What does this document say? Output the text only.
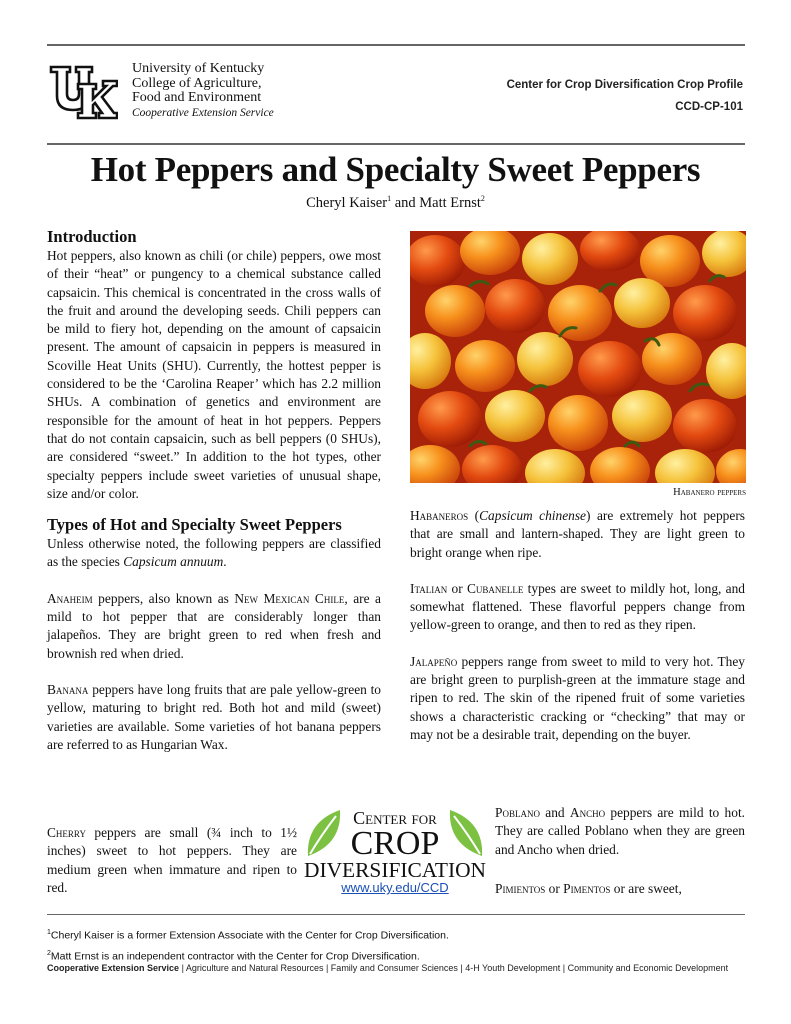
University of Kentucky
College of Agriculture,
Food and Environment
Cooperative Extension Service
Center for Crop Diversification Crop Profile
CCD-CP-101
Hot Peppers and Specialty Sweet Peppers
Cheryl Kaiser$^1$ and Matt Ernst$^2$
Introduction

Hot peppers, also known as chili (or chile) peppers, owe most of their “heat” or pungency to a chemical substance called capsaicin. This chemical is concentrated in the cross walls of the fruit and around the developing seeds. Chili peppers can be mild to fiery hot, depending on the amount of capsaicin present. The amount of capsaicin in peppers is measured in Scoville Heat Units (SHU). Currently, the hottest pepper is considered to be the ‘Carolina Reaper’ which has 2.2 million SHUs. A combination of genetics and environment are responsible for the amount of heat in hot peppers. Peppers that do not contain capsaicin, such as bell peppers (0 SHUs), are considered “sweet.” In addition to the hot types, other specialty peppers include sweet varieties of unusual shape, size and/or color.

Types of Hot and Specialty Sweet Peppers

Unless otherwise noted, the following peppers are classified as the species Capsicum annuum.

Anaheim peppers, also known as New Mexican Chile, are a mild to hot pepper that are considerably longer than jalapeños. They are bright green to red when fresh and brownish red when dried.

Banana peppers have long fruits that are pale yellow-green to yellow, maturing to bright red. Both hot and mild (sweet) varieties are available. Some varieties of hot banana peppers are referred to as Hungarian Wax.

Cherry peppers are small (¾ inch to 1½ inches) sweet to hot peppers. They are medium green when immature and ripen to red.

Habanero peppers

Habaneros (Capsicum chinense) are extremely hot peppers that are small and lantern-shaped. They are light green to bright orange when ripe.

Italian or Cubanelle types are sweet to mildly hot, long, and somewhat flattened. These flavorful peppers change from yellow-green to orange, and then to red as they ripen.

Jalapeño peppers range from sweet to mild to very hot. They are bright green to purplish-green at the immature stage and ripen to red. The skin of the ripened fruit of some varieties shows a characteristic cracking or “checking” that may or may not be a desirable trait, depending on the buyer.

Poblano and Ancho peppers are mild to hot. They are called Poblano when they are green and Ancho when dried.

Pimientos or Pimentos or are sweet,

Center for
CROP
DIVERSIFICATION
www.uky.edu/CCD
$^1$Cheryl Kaiser is a former Extension Associate with the Center for Crop Diversification.
$^2$Matt Ernst is an independent contractor with the Center for Crop Diversification.
Cooperative Extension Service | Agriculture and Natural Resources | Family and Consumer Sciences | 4-H Youth Development | Community and Economic Development
